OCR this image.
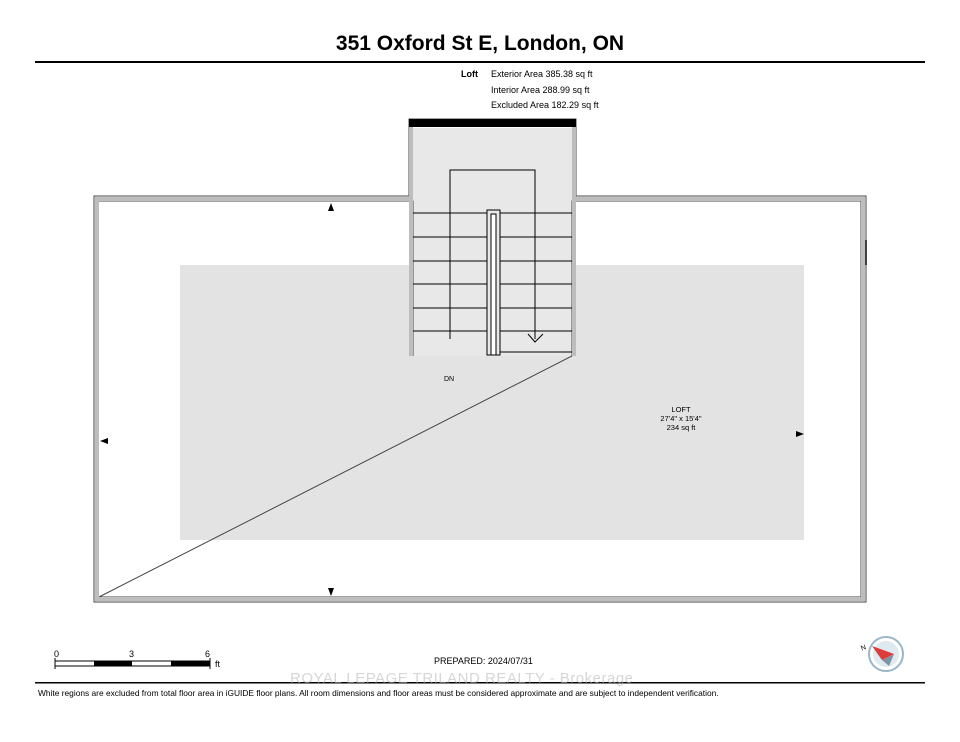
351 Oxford St E, London, ON
Loft Exterior Area 385.38 sq ft
Interior Area 288.99 sq ft
Excluded Area 182.29 sq ft
DN
LOFT
27'4" x 15'4"
234 sq ft
0	3	6
ft
N
PREPARED: 2024/07/31
ROYAL LEPAGE TRILAND REALTY - Brokerage
White regions are excluded from total floor area in iGUIDE floor plans. All room dimensions and floor areas must be considered approximate and are subject to independent verification.
